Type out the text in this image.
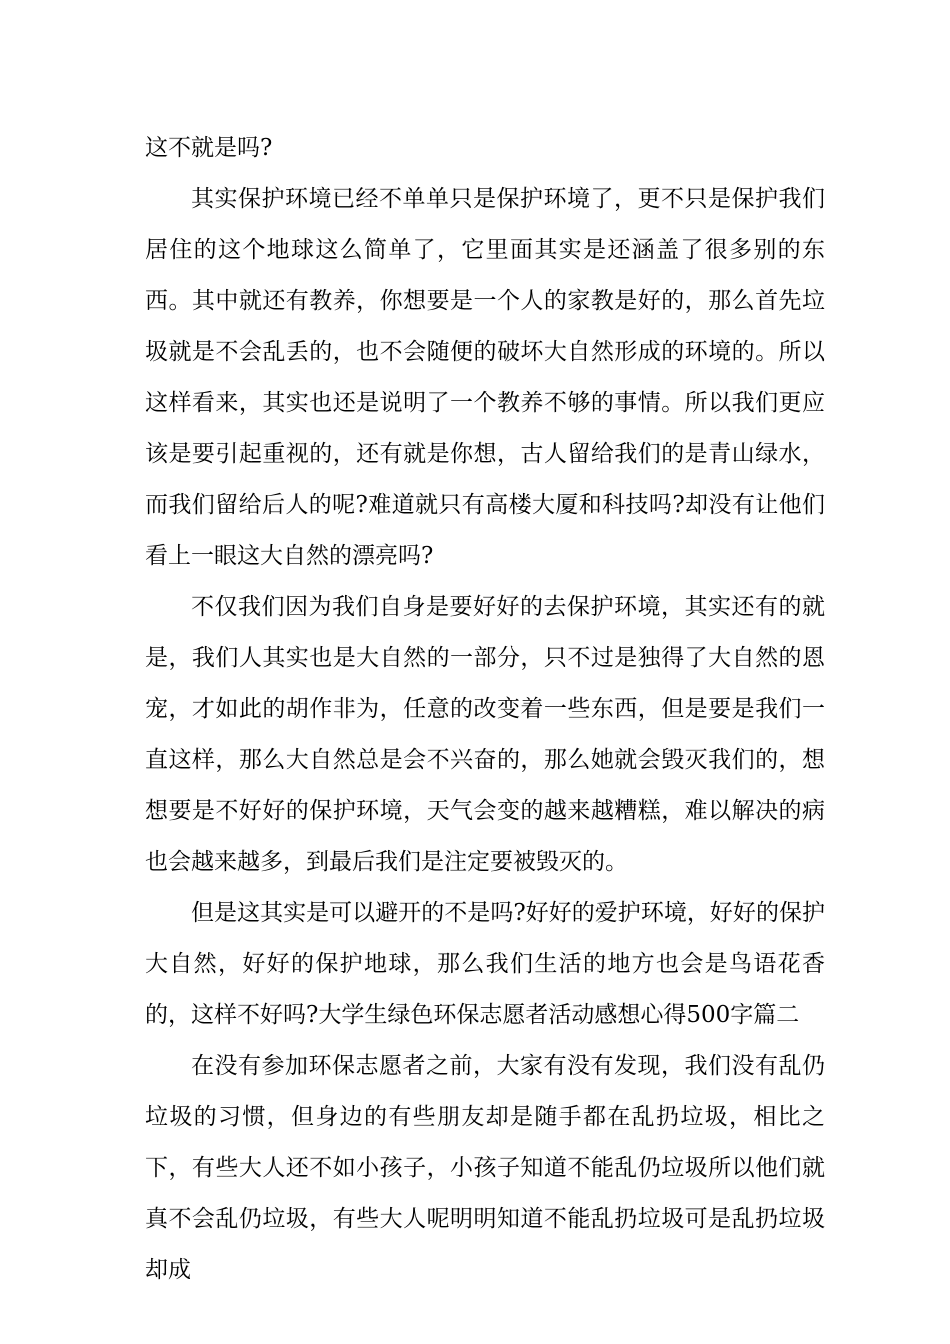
这不就是吗?

其实保护环境已经不单单只是保护环境了，更不只是保护我们居住的这个地球这么简单了，它里面其实是还涵盖了很多别的东西。其中就还有教养，你想要是一个人的家教是好的，那么首先垃圾就是不会乱丢的，也不会随便的破坏大自然形成的环境的。所以这样看来，其实也还是说明了一个教养不够的事情。所以我们更应该是要引起重视的，还有就是你想，古人留给我们的是青山绿水，而我们留给后人的呢?难道就只有高楼大厦和科技吗?却没有让他们看上一眼这大自然的漂亮吗?

不仅我们因为我们自身是要好好的去保护环境，其实还有的就是，我们人其实也是大自然的一部分，只不过是独得了大自然的恩宠，才如此的胡作非为，任意的改变着一些东西，但是要是我们一直这样，那么大自然总是会不兴奋的，那么她就会毁灭我们的，想想要是不好好的保护环境，天气会变的越来越糟糕，难以解决的病也会越来越多，到最后我们是注定要被毁灭的。

但是这其实是可以避开的不是吗?好好的爱护环境，好好的保护大自然，好好的保护地球，那么我们生活的地方也会是鸟语花香的，这样不好吗?大学生绿色环保志愿者活动感想心得500字篇二

在没有参加环保志愿者之前，大家有没有发现，我们没有乱仍垃圾的习惯，但身边的有些朋友却是随手都在乱扔垃圾，相比之下，有些大人还不如小孩子，小孩子知道不能乱仍垃圾所以他们就真不会乱仍垃圾，有些大人呢明明知道不能乱扔垃圾可是乱扔垃圾却成
